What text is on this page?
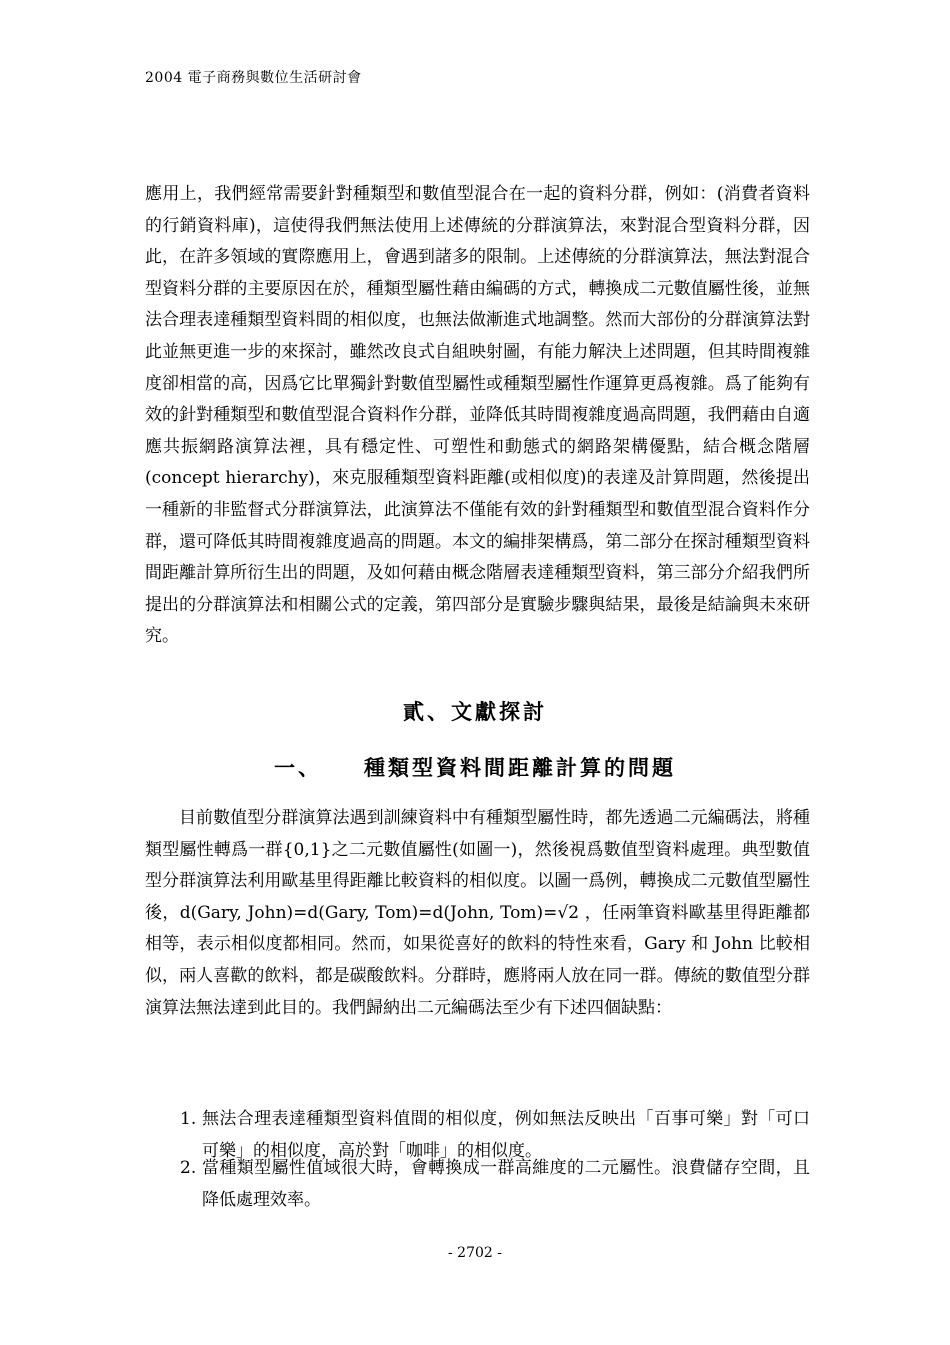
2004 電子商務與數位生活研討會
應用上，我們經常需要針對種類型和數值型混合在一起的資料分群，例如：(消費者資料的行銷資料庫)，這使得我們無法使用上述傳統的分群演算法，來對混合型資料分群，因此，在許多領域的實際應用上，會遇到諸多的限制。上述傳統的分群演算法，無法對混合型資料分群的主要原因在於，種類型屬性藉由編碼的方式，轉換成二元數值屬性後，並無法合理表達種類型資料間的相似度，也無法做漸進式地調整。然而大部份的分群演算法對此並無更進一步的來探討，雖然改良式自組映射圖，有能力解決上述問題，但其時間複雜度卻相當的高，因爲它比單獨針對數值型屬性或種類型屬性作運算更爲複雜。爲了能夠有效的針對種類型和數值型混合資料作分群，並降低其時間複雜度過高問題，我們藉由自適應共振網路演算法裡，具有穩定性、可塑性和動態式的網路架構優點，結合概念階層(concept hierarchy)，來克服種類型資料距離(或相似度)的表達及計算問題，然後提出一種新的非監督式分群演算法，此演算法不僅能有效的針對種類型和數值型混合資料作分群，還可降低其時間複雜度過高的問題。本文的編排架構爲，第二部分在探討種類型資料間距離計算所衍生出的問題，及如何藉由概念階層表達種類型資料，第三部分介紹我們所提出的分群演算法和相關公式的定義，第四部分是實驗步驟與結果，最後是結論與未來研究。
貳、文獻探討
一、 種類型資料間距離計算的問題
目前數值型分群演算法遇到訓練資料中有種類型屬性時，都先透過二元編碼法，將種類型屬性轉爲一群{0,1}之二元數值屬性(如圖一)，然後視爲數值型資料處理。典型數值型分群演算法利用歐基里得距離比較資料的相似度。以圖一爲例，轉換成二元數值型屬性後，d(Gary, John)=d(Gary, Tom)=d(John, Tom)=√2 ，任兩筆資料歐基里得距離都相等，表示相似度都相同。然而，如果從喜好的飲料的特性來看，Gary 和 John 比較相似，兩人喜歡的飲料，都是碳酸飲料。分群時，應將兩人放在同一群。傳統的數值型分群演算法無法達到此目的。我們歸納出二元編碼法至少有下述四個缺點：
1. 無法合理表達種類型資料值間的相似度，例如無法反映出「百事可樂」對「可口可樂」的相似度，高於對「咖啡」的相似度。
2. 當種類型屬性值域很大時，會轉換成一群高維度的二元屬性。浪費儲存空間，且降低處理效率。
- 2702 -
